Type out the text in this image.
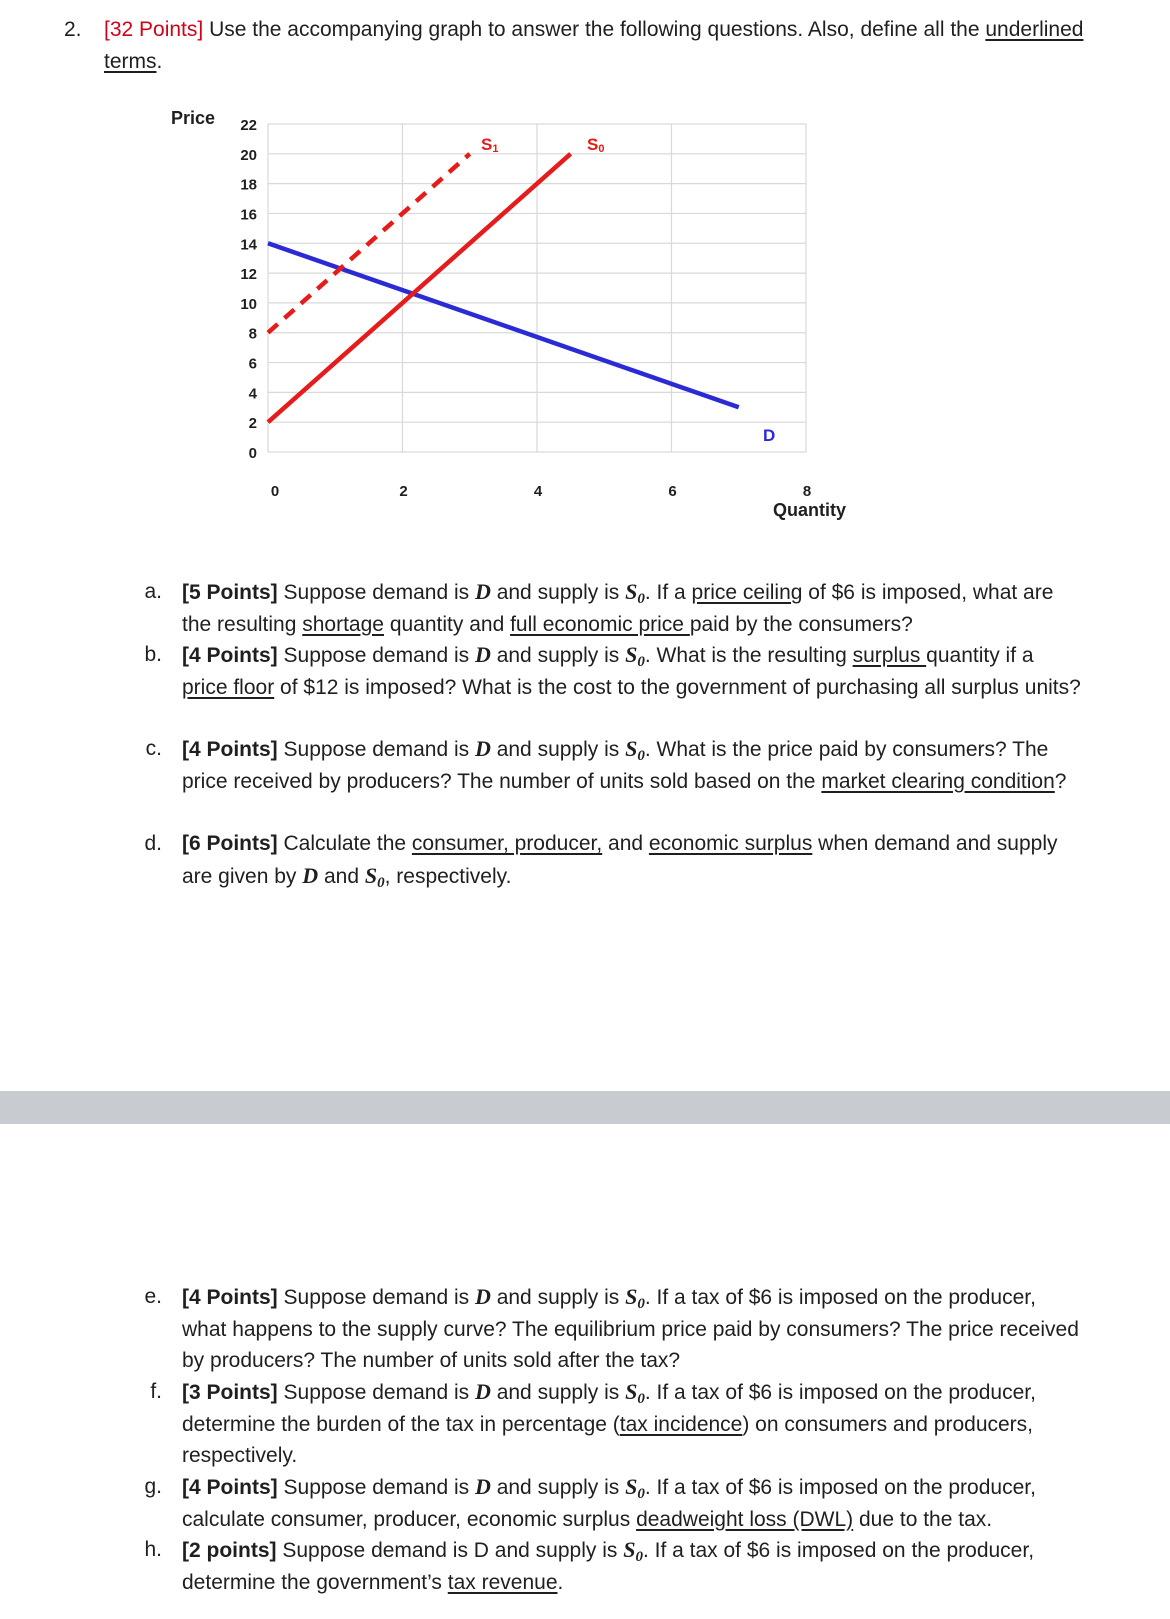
2. [32 Points] Use the accompanying graph to answer the following questions. Also, define all the underlined terms.
22
20
18
16
14
12
10
8
6
4
2
0
0	2	4	6	8
Price
Quantity
S1	S0
D
a. [5 Points] Suppose demand is D and supply is $S_0$. If a price ceiling of $6 is imposed, what are the resulting shortage quantity and full economic price paid by the consumers?
b. [4 Points] Suppose demand is D and supply is $S_0$. What is the resulting surplus quantity if a price floor of $12 is imposed? What is the cost to the government of purchasing all surplus units?
c. [4 Points] Suppose demand is D and supply is $S_0$. What is the price paid by consumers? The price received by producers? The number of units sold based on the market clearing condition?
d. [6 Points] Calculate the consumer, producer, and economic surplus when demand and supply are given by D and $S_0$, respectively.
e. [4 Points] Suppose demand is D and supply is $S_0$. If a tax of $6 is imposed on the producer, what happens to the supply curve? The equilibrium price paid by consumers? The price received by producers? The number of units sold after the tax?
f. [3 Points] Suppose demand is D and supply is $S_0$. If a tax of $6 is imposed on the producer, determine the burden of the tax in percentage (tax incidence) on consumers and producers, respectively.
g. [4 Points] Suppose demand is D and supply is $S_0$. If a tax of $6 is imposed on the producer, calculate consumer, producer, economic surplus deadweight loss (DWL) due to the tax.
h. [2 points] Suppose demand is D and supply is $S_0$. If a tax of $6 is imposed on the producer, determine the government’s tax revenue.
